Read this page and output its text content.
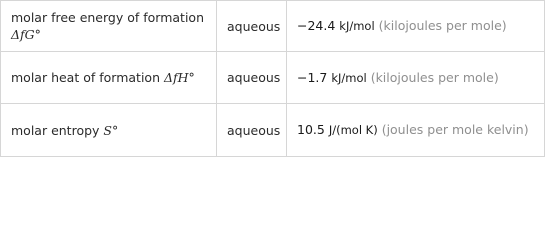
molar free energy of formation ΔfG°	aqueous	−24.4 kJ/mol (kilojoules per mole)
molar heat of formation ΔfH°	aqueous	−1.7 kJ/mol (kilojoules per mole)
molar entropy S°	aqueous	10.5 J/(mol K) (joules per mole kelvin)
